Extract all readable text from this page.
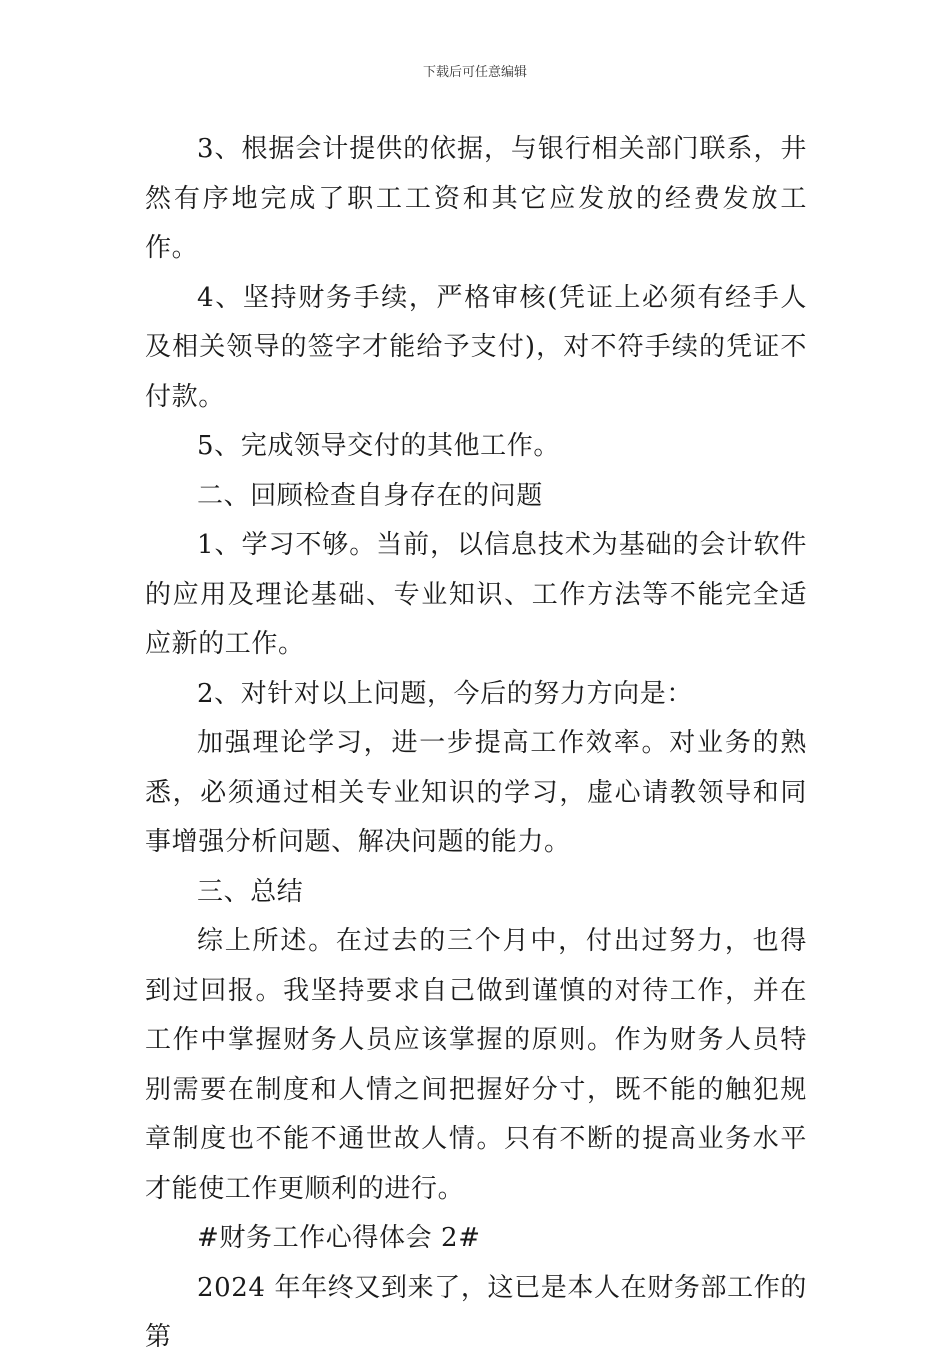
下载后可任意编辑

3、根据会计提供的依据，与银行相关部门联系，井然有序地完成了职工工资和其它应发放的经费发放工作。

4、坚持财务手续，严格审核(凭证上必须有经手人及相关领导的签字才能给予支付)，对不符手续的凭证不付款。

5、完成领导交付的其他工作。

二、回顾检查自身存在的问题

1、学习不够。当前，以信息技术为基础的会计软件的应用及理论基础、专业知识、工作方法等不能完全适应新的工作。

2、对针对以上问题，今后的努力方向是：

加强理论学习，进一步提高工作效率。对业务的熟悉，必须通过相关专业知识的学习，虚心请教领导和同事增强分析问题、解决问题的能力。

三、总结

综上所述。在过去的三个月中，付出过努力，也得到过回报。我坚持要求自己做到谨慎的对待工作，并在工作中掌握财务人员应该掌握的原则。作为财务人员特别需要在制度和人情之间把握好分寸，既不能的触犯规章制度也不能不通世故人情。只有不断的提高业务水平才能使工作更顺利的进行。

#财务工作心得体会 2#

2024 年年终又到来了，这已是本人在财务部工作的第
